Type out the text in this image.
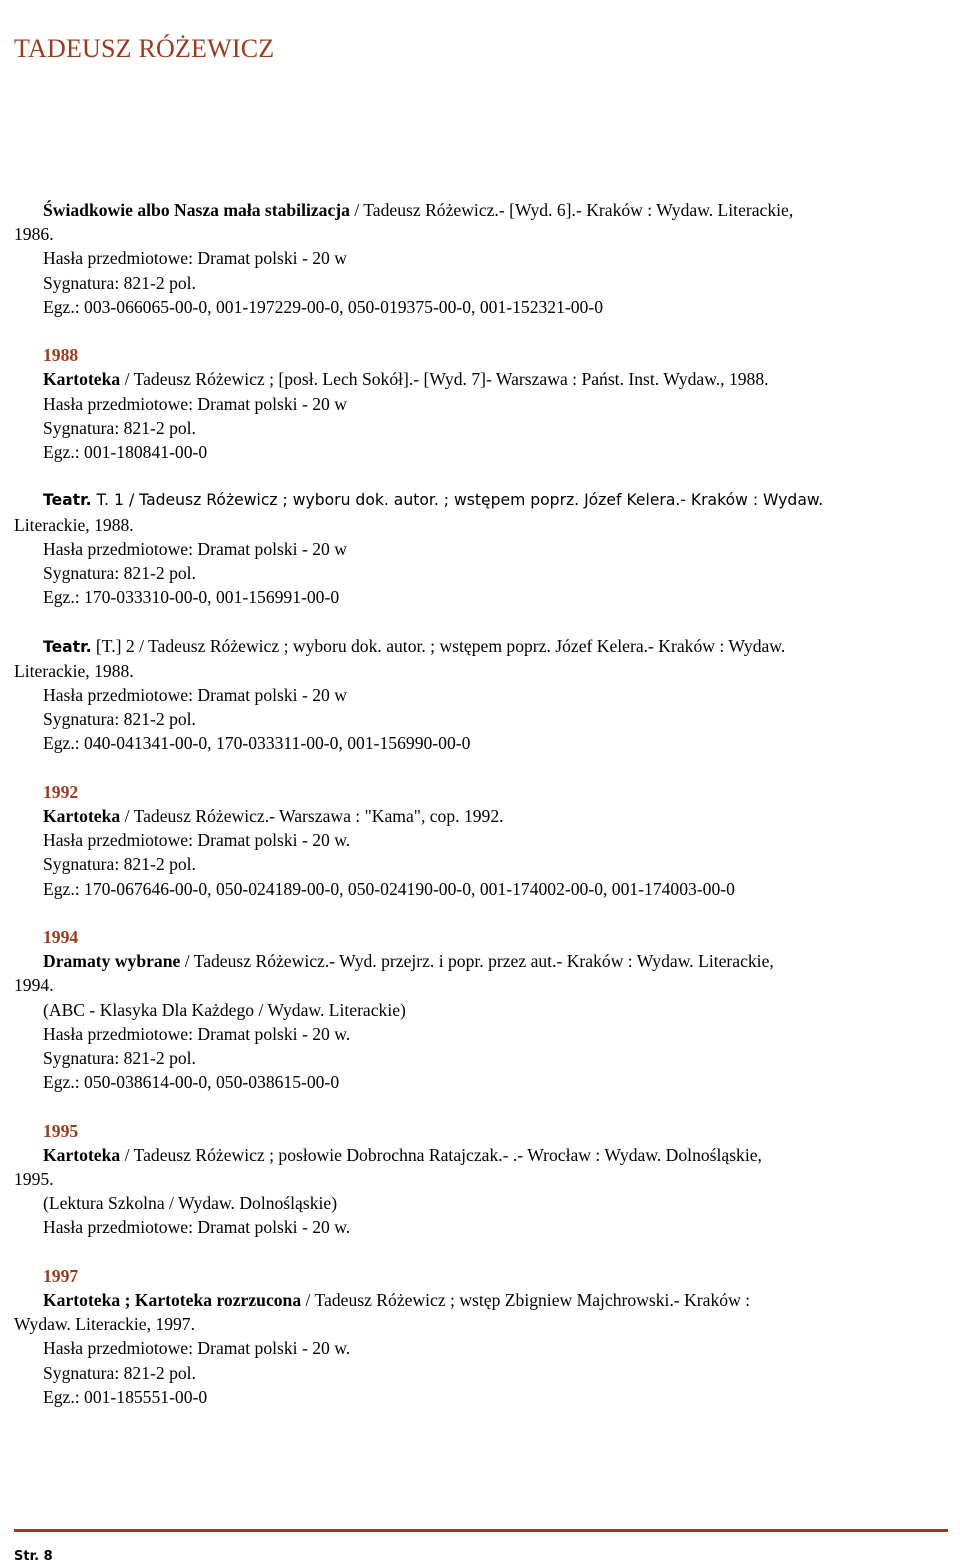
TADEUSZ RÓŻEWICZ

Świadkowie albo Nasza mała stabilizacja / Tadeusz Różewicz.- [Wyd. 6].- Kraków : Wydaw. Literackie,

1986.

Hasła przedmiotowe: Dramat polski - 20 w

Sygnatura: 821-2 pol.

Egz.: 003-066065-00-0, 001-197229-00-0, 050-019375-00-0, 001-152321-00-0

1988

Kartoteka / Tadeusz Różewicz ; [posł. Lech Sokół].- [Wyd. 7]- Warszawa : Państ. Inst. Wydaw., 1988.

Hasła przedmiotowe: Dramat polski - 20 w

Sygnatura: 821-2 pol.

Egz.: 001-180841-00-0

Teatr. T. 1 / Tadeusz Różewicz ; wyboru dok. autor. ; wstępem poprz. Józef Kelera.- Kraków : Wydaw.

Literackie, 1988.

Hasła przedmiotowe: Dramat polski - 20 w

Sygnatura: 821-2 pol.

Egz.: 170-033310-00-0, 001-156991-00-0

Teatr. [T.] 2 / Tadeusz Różewicz ; wyboru dok. autor. ; wstępem poprz. Józef Kelera.- Kraków : Wydaw.

Literackie, 1988.

Hasła przedmiotowe: Dramat polski - 20 w

Sygnatura: 821-2 pol.

Egz.: 040-041341-00-0, 170-033311-00-0, 001-156990-00-0

1992

Kartoteka / Tadeusz Różewicz.- Warszawa : "Kama", cop. 1992.

Hasła przedmiotowe: Dramat polski - 20 w.

Sygnatura: 821-2 pol.

Egz.: 170-067646-00-0, 050-024189-00-0, 050-024190-00-0, 001-174002-00-0, 001-174003-00-0

1994

Dramaty wybrane / Tadeusz Różewicz.- Wyd. przejrz. i popr. przez aut.- Kraków : Wydaw. Literackie,

1994.

(ABC - Klasyka Dla Każdego / Wydaw. Literackie)

Hasła przedmiotowe: Dramat polski - 20 w.

Sygnatura: 821-2 pol.

Egz.: 050-038614-00-0, 050-038615-00-0

1995

Kartoteka / Tadeusz Różewicz ; posłowie Dobrochna Ratajczak.- .- Wrocław : Wydaw. Dolnośląskie,

1995.

(Lektura Szkolna / Wydaw. Dolnośląskie)

Hasła przedmiotowe: Dramat polski - 20 w.

1997

Kartoteka ; Kartoteka rozrzucona / Tadeusz Różewicz ; wstęp Zbigniew Majchrowski.- Kraków :

Wydaw. Literackie, 1997.

Hasła przedmiotowe: Dramat polski - 20 w.

Sygnatura: 821-2 pol.

Egz.: 001-185551-00-0

Str. 8
